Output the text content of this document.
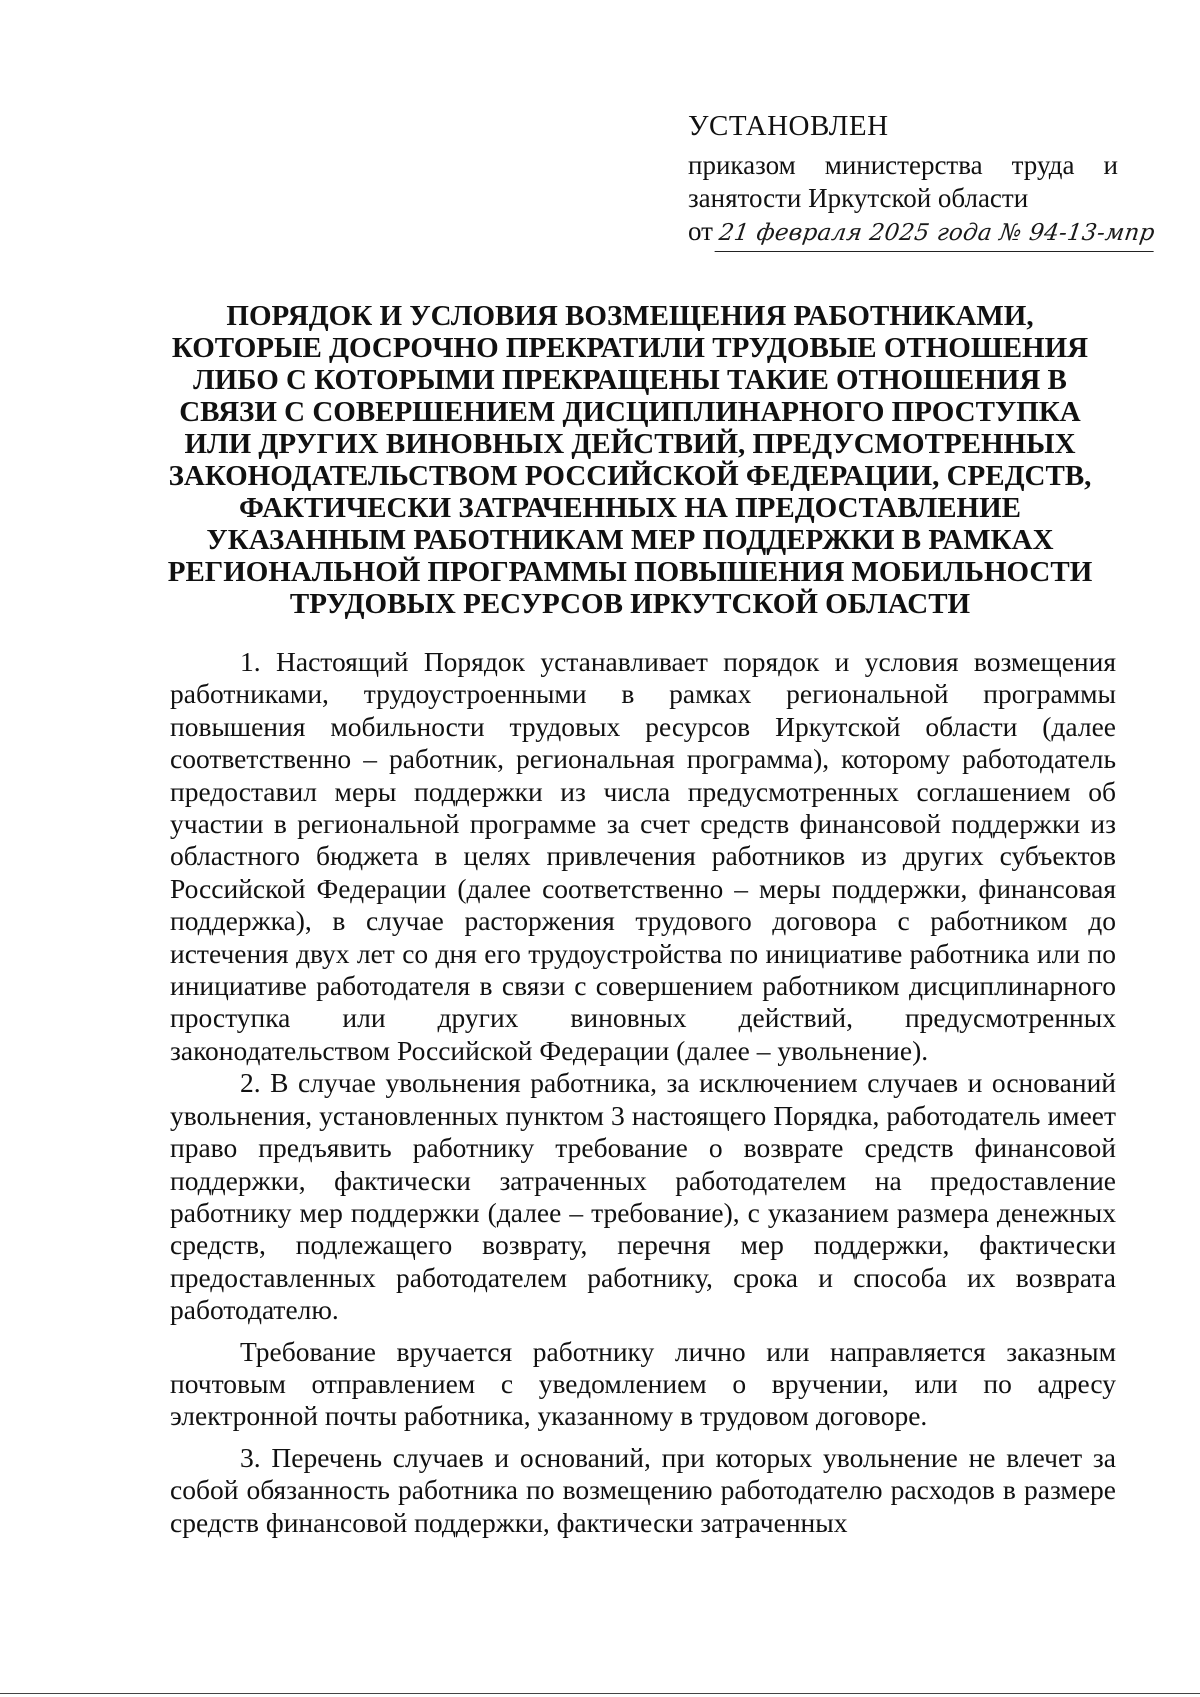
УСТАНОВЛЕН
приказом министерства труда и
занятости Иркутской области
от 21 февраля 2025 года № 94-13-мпр
ПОРЯДОК И УСЛОВИЯ ВОЗМЕЩЕНИЯ РАБОТНИКАМИ,
КОТОРЫЕ ДОСРОЧНО ПРЕКРАТИЛИ ТРУДОВЫЕ ОТНОШЕНИЯ
ЛИБО С КОТОРЫМИ ПРЕКРАЩЕНЫ ТАКИЕ ОТНОШЕНИЯ В
СВЯЗИ С СОВЕРШЕНИЕМ ДИСЦИПЛИНАРНОГО ПРОСТУПКА
ИЛИ ДРУГИХ ВИНОВНЫХ ДЕЙСТВИЙ, ПРЕДУСМОТРЕННЫХ
ЗАКОНОДАТЕЛЬСТВОМ РОССИЙСКОЙ ФЕДЕРАЦИИ, СРЕДСТВ,
ФАКТИЧЕСКИ ЗАТРАЧЕННЫХ НА ПРЕДОСТАВЛЕНИЕ
УКАЗАННЫМ РАБОТНИКАМ МЕР ПОДДЕРЖКИ В РАМКАХ
РЕГИОНАЛЬНОЙ ПРОГРАММЫ ПОВЫШЕНИЯ МОБИЛЬНОСТИ
ТРУДОВЫХ РЕСУРСОВ ИРКУТСКОЙ ОБЛАСТИ

1. Настоящий Порядок устанавливает порядок и условия возмещения работниками, трудоустроенными в рамках региональной программы повышения мобильности трудовых ресурсов Иркутской области (далее соответственно – работник, региональная программа), которому работодатель предоставил меры поддержки из числа предусмотренных соглашением об участии в региональной программе за счет средств финансовой поддержки из областного бюджета в целях привлечения работников из других субъектов Российской Федерации (далее соответственно – меры поддержки, финансовая поддержка), в случае расторжения трудового договора с работником до истечения двух лет со дня его трудоустройства по инициативе работника или по инициативе работодателя в связи с совершением работником дисциплинарного проступка или других виновных действий, предусмотренных законодательством Российской Федерации (далее – увольнение).

2. В случае увольнения работника, за исключением случаев и оснований увольнения, установленных пунктом 3 настоящего Порядка, работодатель имеет право предъявить работнику требование о возврате средств финансовой поддержки, фактически затраченных работодателем на предоставление работнику мер поддержки (далее – требование), с указанием размера денежных средств, подлежащего возврату, перечня мер поддержки, фактически предоставленных работодателем работнику, срока и способа их возврата работодателю.

Требование вручается работнику лично или направляется заказным почтовым отправлением с уведомлением о вручении, или по адресу электронной почты работника, указанному в трудовом договоре.

3. Перечень случаев и оснований, при которых увольнение не влечет за собой обязанность работника по возмещению работодателю расходов в размере средств финансовой поддержки, фактически затраченных
